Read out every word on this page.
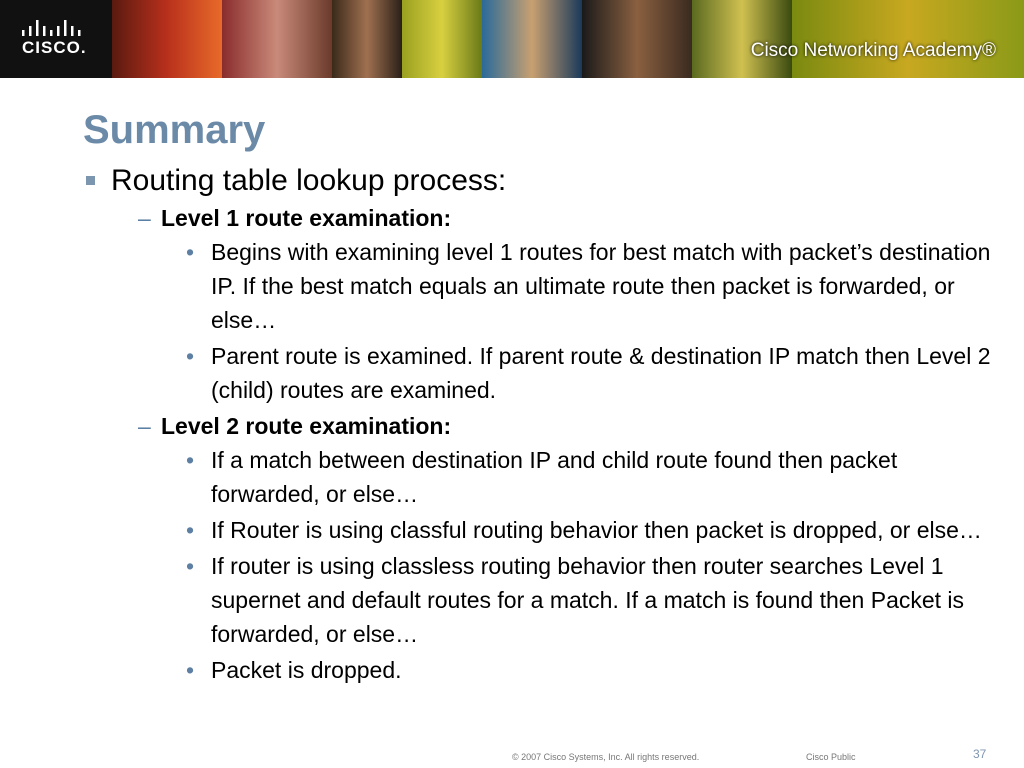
CISCO.	Cisco Networking Academy®
Summary
Routing table lookup process:
– Level 1 route examination:
• Begins with examining level 1 routes for best match with packet’s destination IP. If the best match equals an ultimate route then packet is forwarded, or else…
• Parent route is examined. If parent route & destination IP match then Level 2 (child) routes are examined.
– Level 2 route examination:
• If a match between destination IP and child route found then packet forwarded, or else…
• If Router is using classful routing behavior then packet is dropped, or else…
• If router is using classless routing behavior then router searches Level 1 supernet and default routes for a match. If a match is found then Packet is forwarded, or else…
• Packet is dropped.
© 2007 Cisco Systems, Inc. All rights reserved.	Cisco Public	37
